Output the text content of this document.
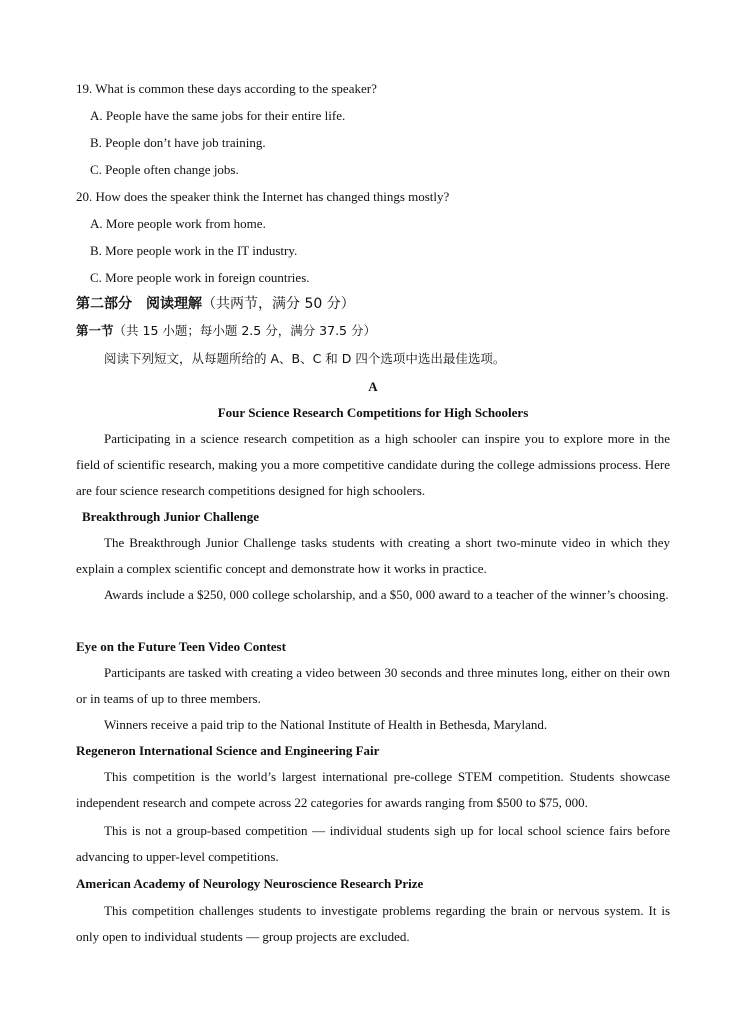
19. What is common these days according to the speaker?
A. People have the same jobs for their entire life.
B. People don’t have job training.
C. People often change jobs.
20. How does the speaker think the Internet has changed things mostly?
A. More people work from home.
B. More people work in the IT industry.
C. More people work in foreign countries.
第二部分　阅读理解（共两节，满分 50 分）
第一节（共 15 小题；每小题 2.5 分，满分 37.5 分）
阅读下列短文，从每题所给的 A、B、C 和 D 四个选项中选出最佳选项。
A
Four Science Research Competitions for High Schoolers
Participating in a science research competition as a high schooler can inspire you to explore more in the field of scientific research, making you a more competitive candidate during the college admissions process. Here are four science research competitions designed for high schoolers.
Breakthrough Junior Challenge
The Breakthrough Junior Challenge tasks students with creating a short two-minute video in which they explain a complex scientific concept and demonstrate how it works in practice.
Awards include a $250, 000 college scholarship, and a $50, 000 award to a teacher of the winner’s choosing.
Eye on the Future Teen Video Contest
Participants are tasked with creating a video between 30 seconds and three minutes long, either on their own or in teams of up to three members.
Winners receive a paid trip to the National Institute of Health in Bethesda, Maryland.
Regeneron International Science and Engineering Fair
This competition is the world’s largest international pre-college STEM competition. Students showcase independent research and compete across 22 categories for awards ranging from $500 to $75, 000.
This is not a group-based competition — individual students sigh up for local school science fairs before advancing to upper-level competitions.
American Academy of Neurology Neuroscience Research Prize
This competition challenges students to investigate problems regarding the brain or nervous system. It is only open to individual students — group projects are excluded.
